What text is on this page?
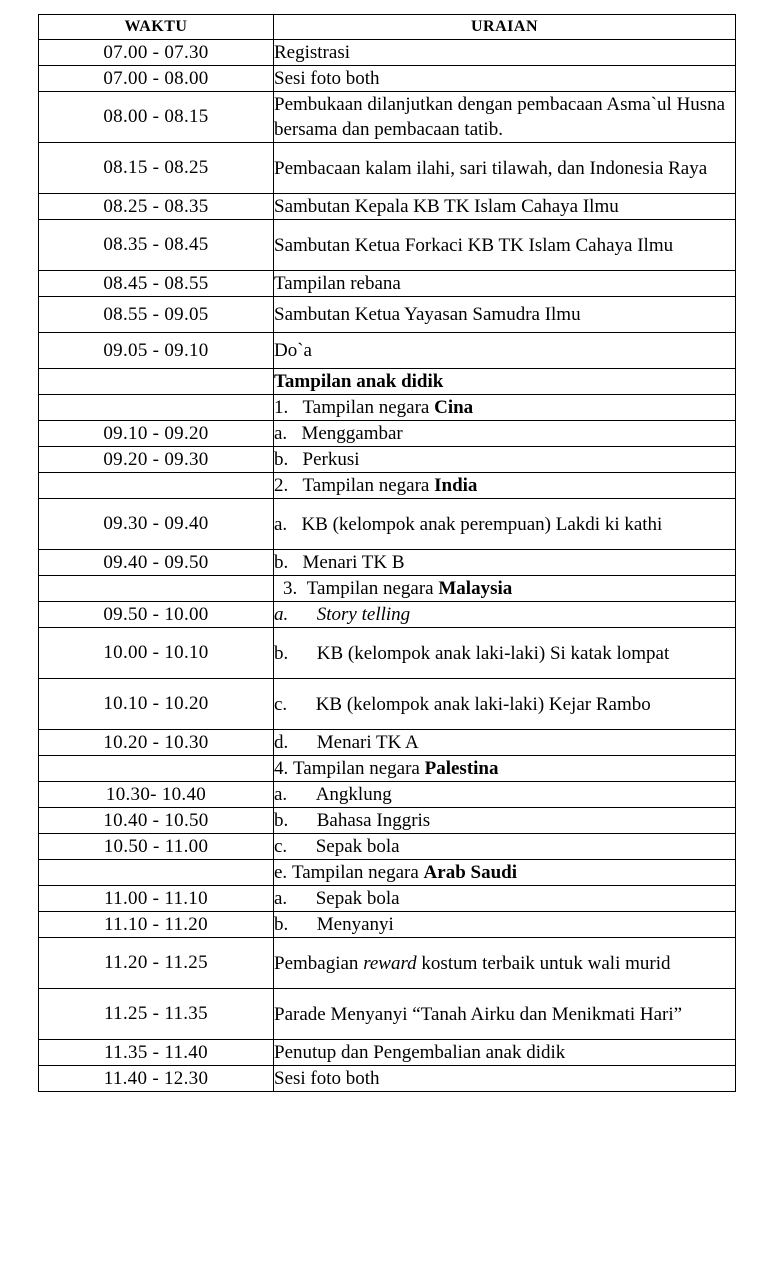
WAKTU	URAIAN
07.00 - 07.30	Registrasi
07.00 - 08.00	Sesi foto both
08.00 - 08.15	Pembukaan dilanjutkan dengan pembacaan Asma`ul Husna bersama dan pembacaan tatib.
08.15 - 08.25	Pembacaan kalam ilahi, sari tilawah, dan Indonesia Raya
08.25 - 08.35	Sambutan Kepala KB TK Islam Cahaya Ilmu
08.35 - 08.45	Sambutan Ketua Forkaci KB TK Islam Cahaya Ilmu
08.45 - 08.55	Tampilan rebana
08.55 - 09.05	Sambutan Ketua Yayasan Samudra Ilmu
09.05 - 09.10	Do`a
	Tampilan anak didik
	1. Tampilan negara Cina
09.10 - 09.20	a. Menggambar
09.20 - 09.30	b. Perkusi
	2. Tampilan negara India
09.30 - 09.40	a. KB (kelompok anak perempuan) Lakdi ki kathi
09.40 - 09.50	b. Menari TK B
	3. Tampilan negara Malaysia
09.50 - 10.00	a. Story telling
10.00 - 10.10	b. KB (kelompok anak laki-laki) Si katak lompat
10.10 - 10.20	c. KB (kelompok anak laki-laki) Kejar Rambo
10.20 - 10.30	d. Menari TK A
	4. Tampilan negara Palestina
10.30- 10.40	a. Angklung
10.40 - 10.50	b. Bahasa Inggris
10.50 - 11.00	c. Sepak bola
	e. Tampilan negara Arab Saudi
11.00 - 11.10	a. Sepak bola
11.10 - 11.20	b. Menyanyi
11.20 - 11.25	Pembagian reward kostum terbaik untuk wali murid
11.25 - 11.35	Parade Menyanyi “Tanah Airku dan Menikmati Hari”
11.35 - 11.40	Penutup dan Pengembalian anak didik
11.40 - 12.30	Sesi foto both
